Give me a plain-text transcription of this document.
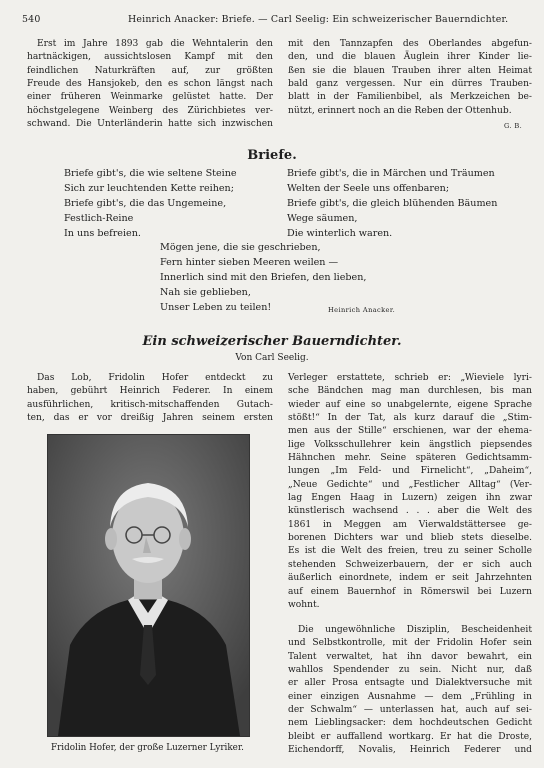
540	Heinrich Anacker: Briefe. — Carl Seelig: Ein schweizerischer Bauerndichter.
Erst im Jahre 1893 gab die Wehntalerin den
hartnäckigen, aussichtslosen Kampf mit den
feindlichen Naturkräften auf, zur größten
Freude des Hansjokeb, den es schon längst nach
einer früheren Weinmarke gelüstet hatte. Der
höchstgelegene Weinberg des Zürichbietes ver-
schwand. Die Unterländerin hatte sich inzwischen
mit den Tannzapfen des Oberlandes abgefun-
den, und die blauen Äuglein ihrer Kinder lie-
ßen sie die blauen Trauben ihrer alten Heimat
bald ganz vergessen. Nur ein dürres Trauben-
blatt in der Familienbibel, als Merkzeichen be-
nützt, erinnert noch an die Reben der Ottenhub.
G. B.
Briefe.
Briefe gibt's, die wie seltene Steine
Sich zur leuchtenden Kette reihen;
Briefe gibt's, die das Ungemeine,
Festlich-Reine
In uns befreien.
Briefe gibt's, die in Märchen und Träumen
Welten der Seele uns offenbaren;
Briefe gibt's, die gleich blühenden Bäumen
Wege säumen,
Die winterlich waren.
Mögen jene, die sie geschrieben,
Fern hinter sieben Meeren weilen —
Innerlich sind mit den Briefen, den lieben,
Nah sie geblieben,
Unser Leben zu teilen!	Heinrich Anacker.
Ein schweizerischer Bauerndichter.
Von Carl Seelig.
Das Lob, Fridolin Hofer entdeckt zu
haben, gebührt Heinrich Federer. In einem
ausführlichen, kritisch-mitschaffenden Gutach-
ten, das er vor dreißig Jahren seinem ersten
Fridolin Hofer, der große Luzerner Lyriker.
Verleger erstattete, schrieb er: „Wieviele lyri-
sche Bändchen mag man durchlesen, bis man
wieder auf eine so unabgelernte, eigene Sprache
stößt!“ In der Tat, als kurz darauf die „Stim-
men aus der Stille“ erschienen, war der ehema-
lige Volksschullehrer kein ängstlich piepsendes
Hähnchen mehr. Seine späteren Gedichtsamm-
lungen „Im Feld- und Firnelicht“, „Daheim“,
„Neue Gedichte“ und „Festlicher Alltag“ (Ver-
lag Engen Haag in Luzern) zeigen ihn zwar
künstlerisch wachsend . . . aber die Welt des
1861 in Meggen am Vierwaldstättersee ge-
borenen Dichters war und blieb stets dieselbe.
Es ist die Welt des freien, treu zu seiner Scholle
stehenden Schweizerbauern, der er sich auch
äußerlich einordnete, indem er seit Jahrzehnten
auf einem Bauernhof in Römerswil bei Luzern
wohnt.
Die ungewöhnliche Disziplin, Bescheidenheit
und Selbstkontrolle, mit der Fridolin Hofer sein
Talent verwaltet, hat ihn davor bewahrt, ein
wahllos Spendender zu sein. Nicht nur, daß
er aller Prosa entsagte und Dialektversuche mit
einer einzigen Ausnahme — dem „Frühling in
der Schwalm“ — unterlassen hat, auch auf sei-
nem Lieblingsacker: dem hochdeutschen Gedicht
bleibt er auffallend wortkarg. Er hat die Droste,
Eichendorff, Novalis, Heinrich Federer und
